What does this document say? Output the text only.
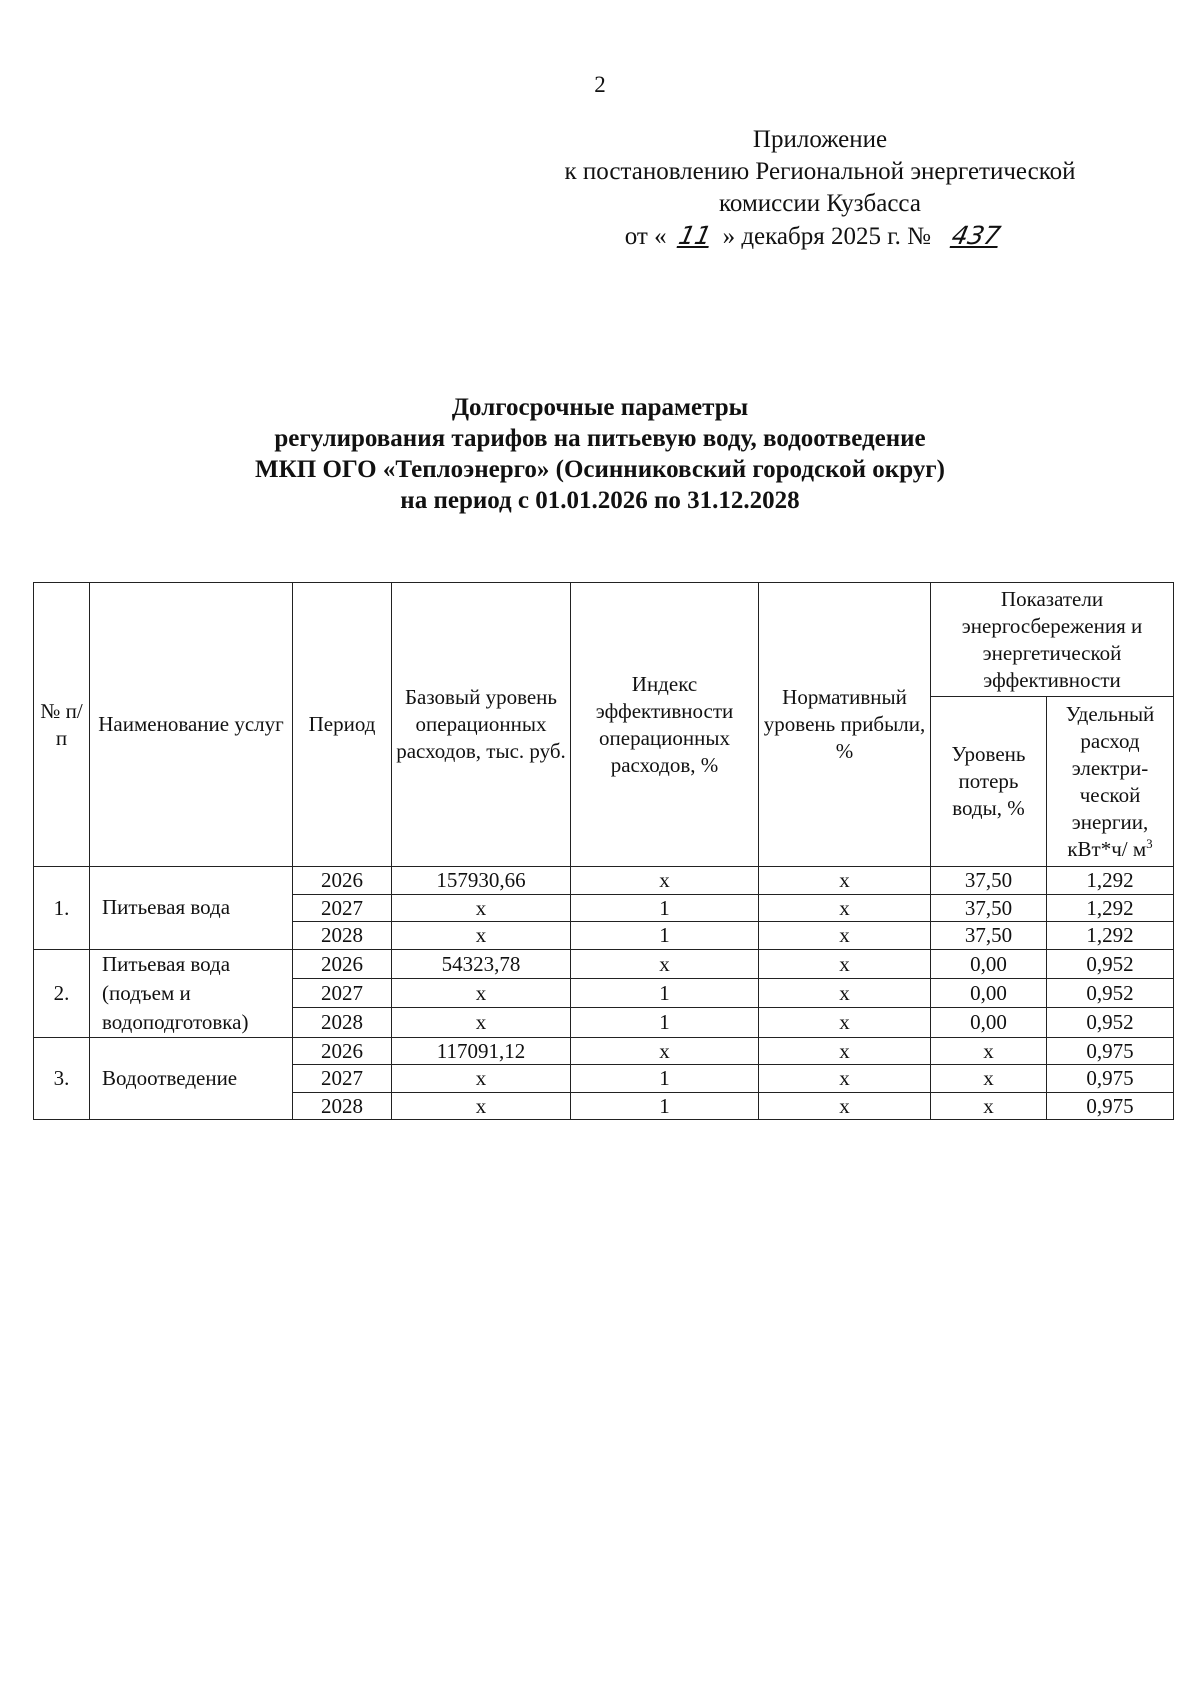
2
Приложение
к постановлению Региональной энергетической
комиссии Кузбасса
от « 11 » декабря 2025 г. № 437
Долгосрочные параметры
регулирования тарифов на питьевую воду, водоотведение
МКП ОГО «Теплоэнерго» (Осинниковский городской округ)
на период с 01.01.2026 по 31.12.2028
№ п/п	Наименование услуг	Период	Базовый уровень операционных расходов, тыс. руб.	Индекс эффективности операционных расходов, %	Нормативный уровень прибыли, %	Показатели энергосбережения и энергетической эффективности	

						Уровень потерь воды, %	Удельный расход электри-ческой энергии, кВт*ч/ $м^3$

1.	Питьевая вода	2026	157930,66	x	x	37,50	1,292
		2027	x	1	x	37,50	1,292
		2028	x	1	x	37,50	1,292
2.	Питьевая вода (подъем и водоподготовка)	2026	54323,78	x	x	0,00	0,952
		2027	x	1	x	0,00	0,952
		2028	x	1	x	0,00	0,952
3.	Водоотведение	2026	117091,12	x	x	x	0,975
		2027	x	1	x	x	0,975
		2028	x	1	x	x	0,975
